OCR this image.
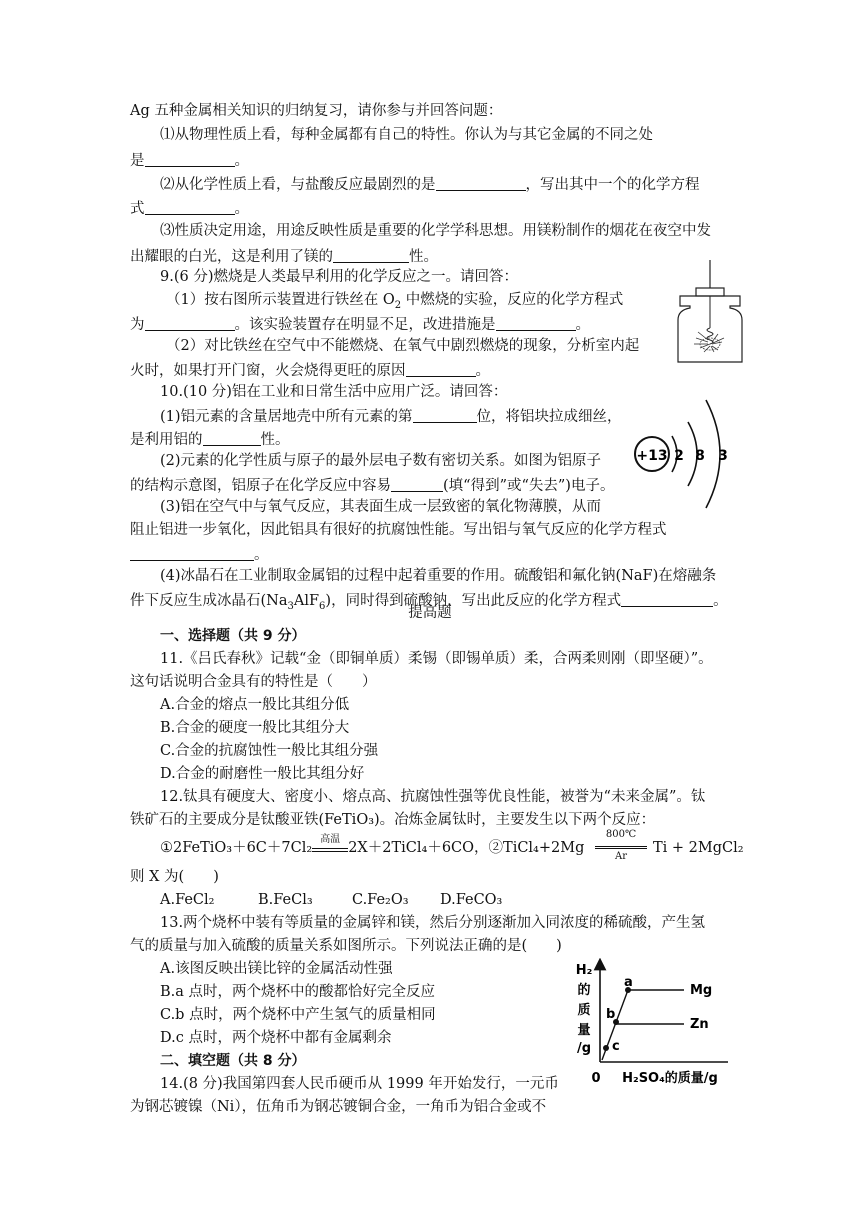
Ag 五种金属相关知识的归纳复习，请你参与并回答问题：
⑴从物理性质上看，每种金属都有自己的特性。你认为与其它金属的不同之处
是	。
⑵从化学性质上看，与盐酸反应最剧烈的是	，写出其中一个的化学方程
式	。
⑶性质决定用途，用途反映性质是重要的化学学科思想。用镁粉制作的烟花在夜空中发
出耀眼的白光，这是利用了镁的	性。
9.(6 分)燃烧是人类最早利用的化学反应之一。请回答：
（1）按右图所示装置进行铁丝在 $O_2$ 中燃烧的实验，反应的化学方程式
为	。该实验装置存在明显不足，改进措施是	。
（2）对比铁丝在空气中不能燃烧、在氧气中剧烈燃烧的现象，分析室内起
火时，如果打开门窗，火会烧得更旺的原因	。
10.(10 分)铝在工业和日常生活中应用广泛。请回答：
(1)铝元素的含量居地壳中所有元素的第	位，将铝块拉成细丝，
是利用铝的	性。
(2)元素的化学性质与原子的最外层电子数有密切关系。如图为铝原子
的结构示意图，铝原子在化学反应中容易	(填“得到”或“失去”)电子。
(3)铝在空气中与氧气反应，其表面生成一层致密的氧化物薄膜，从而
阻止铝进一步氧化，因此铝具有很好的抗腐蚀性能。写出铝与氧气反应的化学方程式
。
(4)冰晶石在工业制取金属铝的过程中起着重要的作用。硫酸铝和氟化钠(NaF)在熔融条
件下反应生成冰晶石$(Na_3AlF_6)$，同时得到硫酸钠，写出此反应的化学方程式	。
+13 2 8 3
提高题
一、选择题（共 9 分）
11.《吕氏春秋》记载“金（即铜单质）柔锡（即锡单质）柔，合两柔则刚（即坚硬）”。
这句话说明合金具有的特性是（　　）
A.合金的熔点一般比其组分低
B.合金的硬度一般比其组分大
C.合金的抗腐蚀性一般比其组分强
D.合金的耐磨性一般比其组分好
12.钛具有硬度大、密度小、熔点高、抗腐蚀性强等优良性能，被誉为“未来金属”。钛
铁矿石的主要成分是钛酸亚铁(FeTiO₃)。冶炼金属钛时，主要发生以下两个反应：
①2FeTiO₃＋6C＋7Cl₂
高温
2X＋2TiCl₄＋6CO，②TiCl₄+2Mg $\frac{800℃}{Ar}$ Ti + 2MgCl₂
则 X 为(　　)
A.FeCl₂	B.FeCl₃	C.Fe₂O₃ D.FeCO₃
13.两个烧杯中装有等质量的金属锌和镁，然后分别逐渐加入同浓度的稀硫酸，产生氢
气的质量与加入硫酸的质量关系如图所示。下列说法正确的是(　　)
A.该图反映出镁比锌的金属活动性强
B.a 点时，两个烧杯中的酸都恰好完全反应
C.b 点时，两个烧杯中产生氢气的质量相同
D.c 点时，两个烧杯中都有金属剩余
H₂
的
质
量
/g
0 H₂SO₄的质量/g
a
b
c
Mg
Zn
二、填空题（共 8 分）
14.(8 分)我国第四套人民币硬币从 1999 年开始发行，一元币
为钢芯镀镍（Ni），伍角币为钢芯镀铜合金，一角币为铝合金或不
